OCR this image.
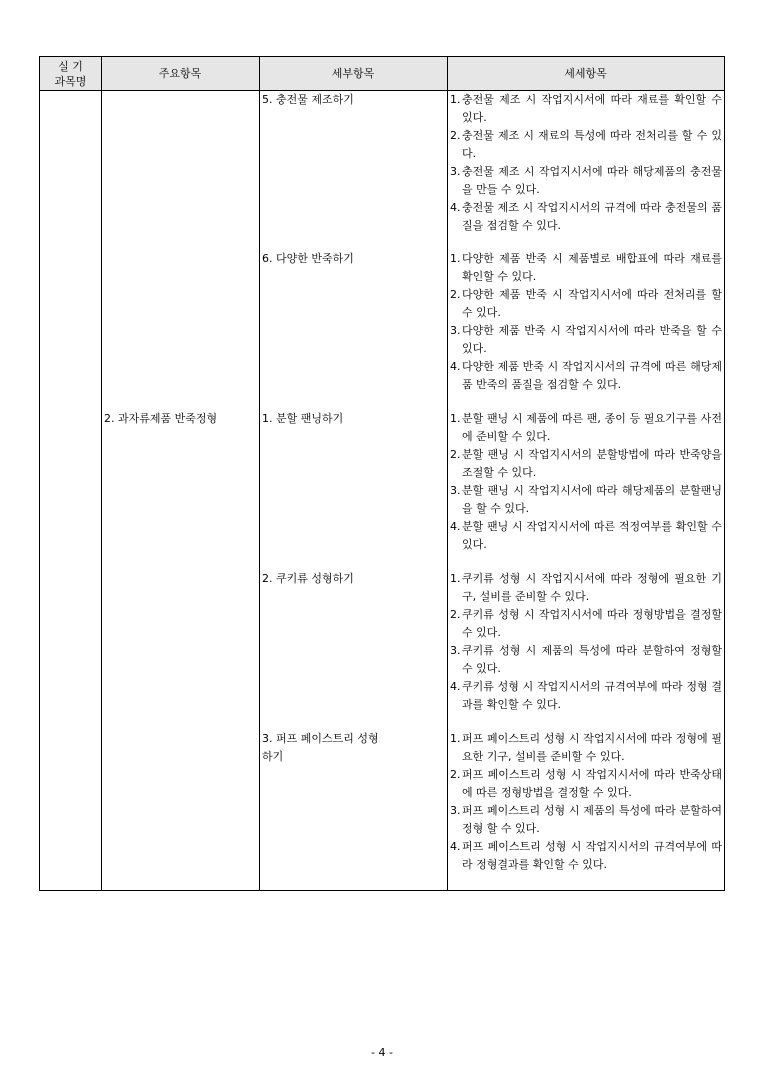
실 기
과목명
주요항목	세부항목	세세항목
2. 과자류제품 반죽정형
5. 충전물 제조하기
6. 다양한 반죽하기
1. 분할 팬닝하기
2. 쿠키류 성형하기
3. 퍼프 페이스트리 성형
하기
1. 충전물 제조 시 작업지시서에 따라 재료를 확인할 수 있다.
2. 충전물 제조 시 재료의 특성에 따라 전처리를 할 수 있다.
3. 충전물 제조 시 작업지시서에 따라 해당제품의 충전물을 만들 수 있다.
4. 충전물 제조 시 작업지시서의 규격에 따라 충전물의 품질을 점검할 수 있다.
1. 다양한 제품 반죽 시 제품별로 배합표에 따라 재료를 확인할 수 있다.
2. 다양한 제품 반죽 시 작업지시서에 따라 전처리를 할 수 있다.
3. 다양한 제품 반죽 시 작업지시서에 따라 반죽을 할 수 있다.
4. 다양한 제품 반죽 시 작업지시서의 규격에 따른 해당제품 반죽의 품질을 점검할 수 있다.
1. 분할 팬닝 시 제품에 따른 팬, 종이 등 필요기구를 사전에 준비할 수 있다.
2. 분할 팬닝 시 작업지시서의 분할방법에 따라 반죽양을 조절할 수 있다.
3. 분할 팬닝 시 작업지시서에 따라 해당제품의 분할팬닝을 할 수 있다.
4. 분할 팬닝 시 작업지시서에 따른 적정여부를 확인할 수 있다.
1. 쿠키류 성형 시 작업지시서에 따라 정형에 필요한 기구, 설비를 준비할 수 있다.
2. 쿠키류 성형 시 작업지시서에 따라 정형방법을 결정할 수 있다.
3. 쿠키류 성형 시 제품의 특성에 따라 분할하여 정형할 수 있다.
4. 쿠키류 성형 시 작업지시서의 규격여부에 따라 정형 결과를 확인할 수 있다.
1. 퍼프 페이스트리 성형 시 작업지시서에 따라 정형에 필요한 기구, 설비를 준비할 수 있다.
2. 퍼프 페이스트리 성형 시 작업지시서에 따라 반죽상태에 따른 정형방법을 결정할 수 있다.
3. 퍼프 페이스트리 성형 시 제품의 특성에 따라 분할하여 정형 할 수 있다.
4. 퍼프 페이스트리 성형 시 작업지시서의 규격여부에 따라 정형결과를 확인할 수 있다.
- 4 -
